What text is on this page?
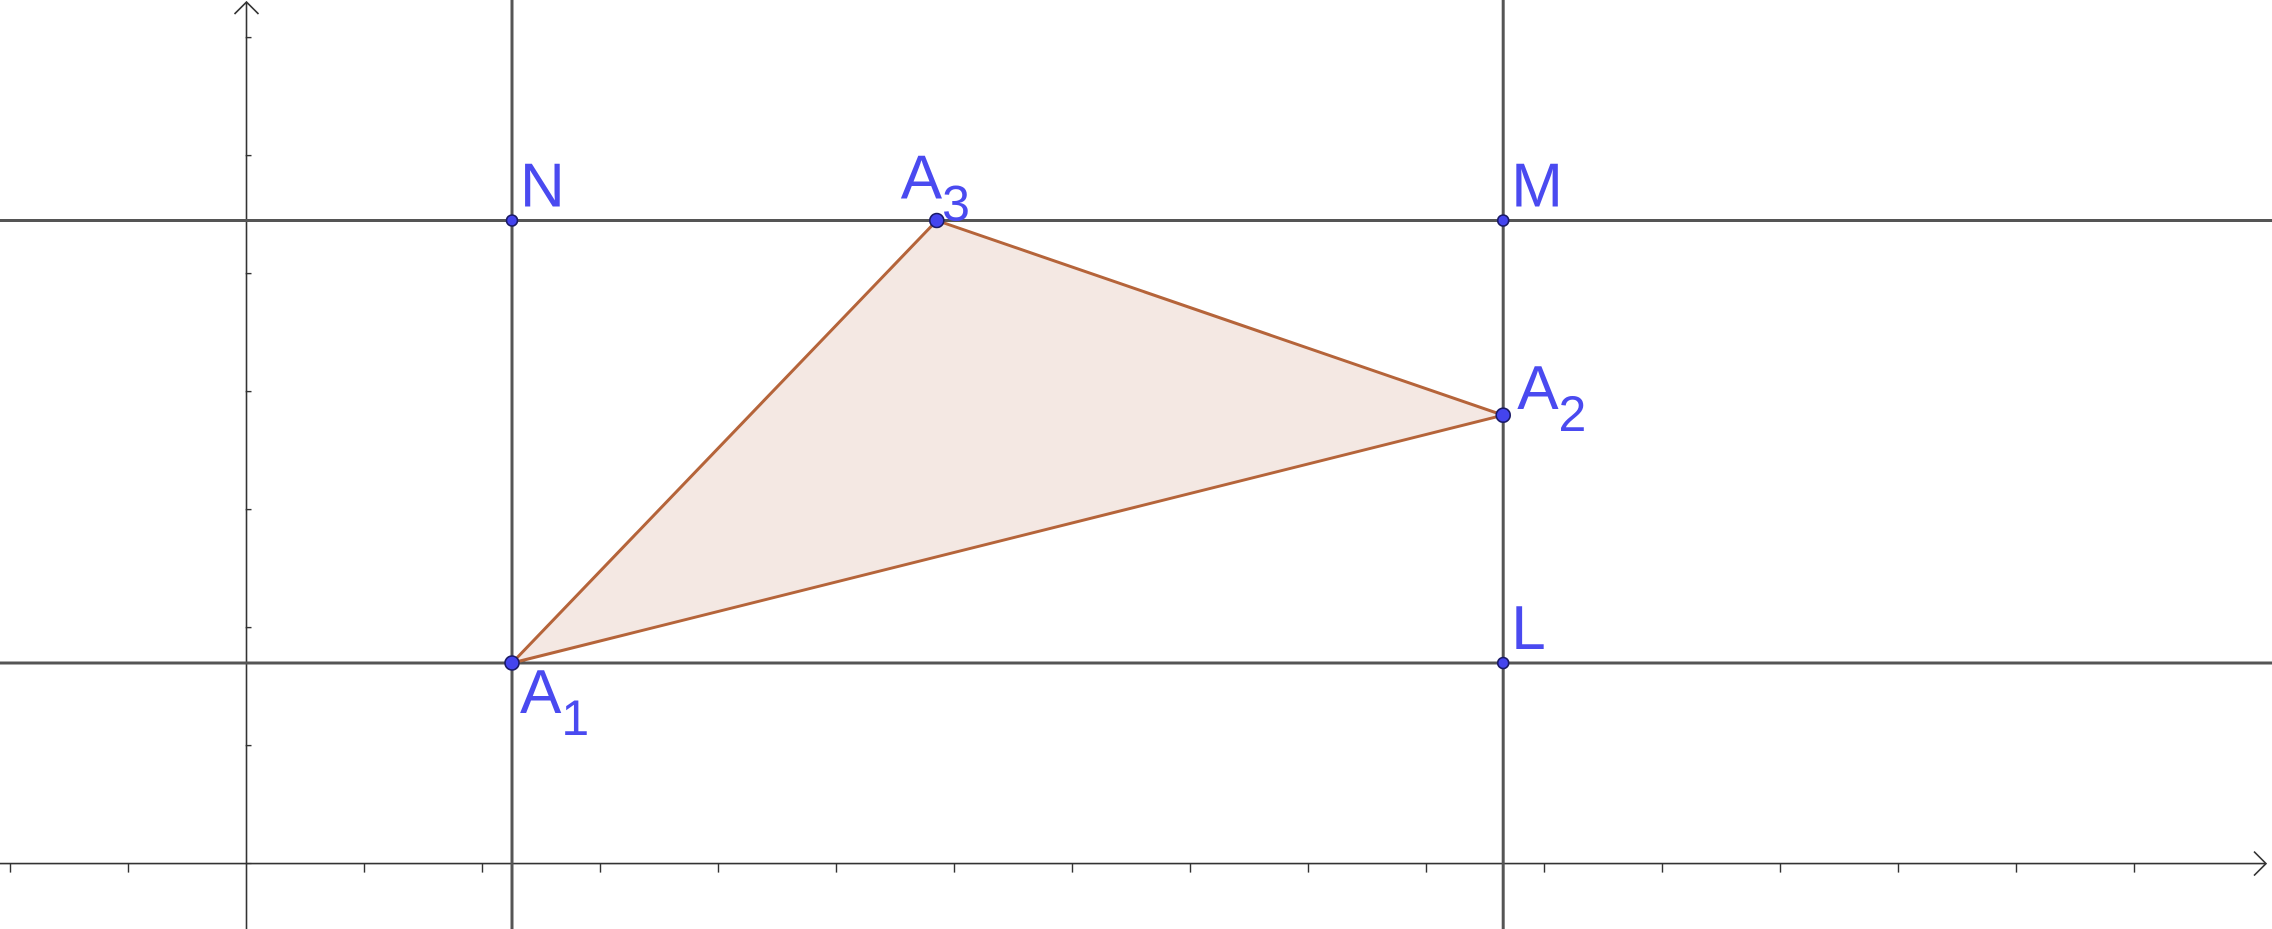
$A_1$
$A_2$
$A_3$
L
M
N
